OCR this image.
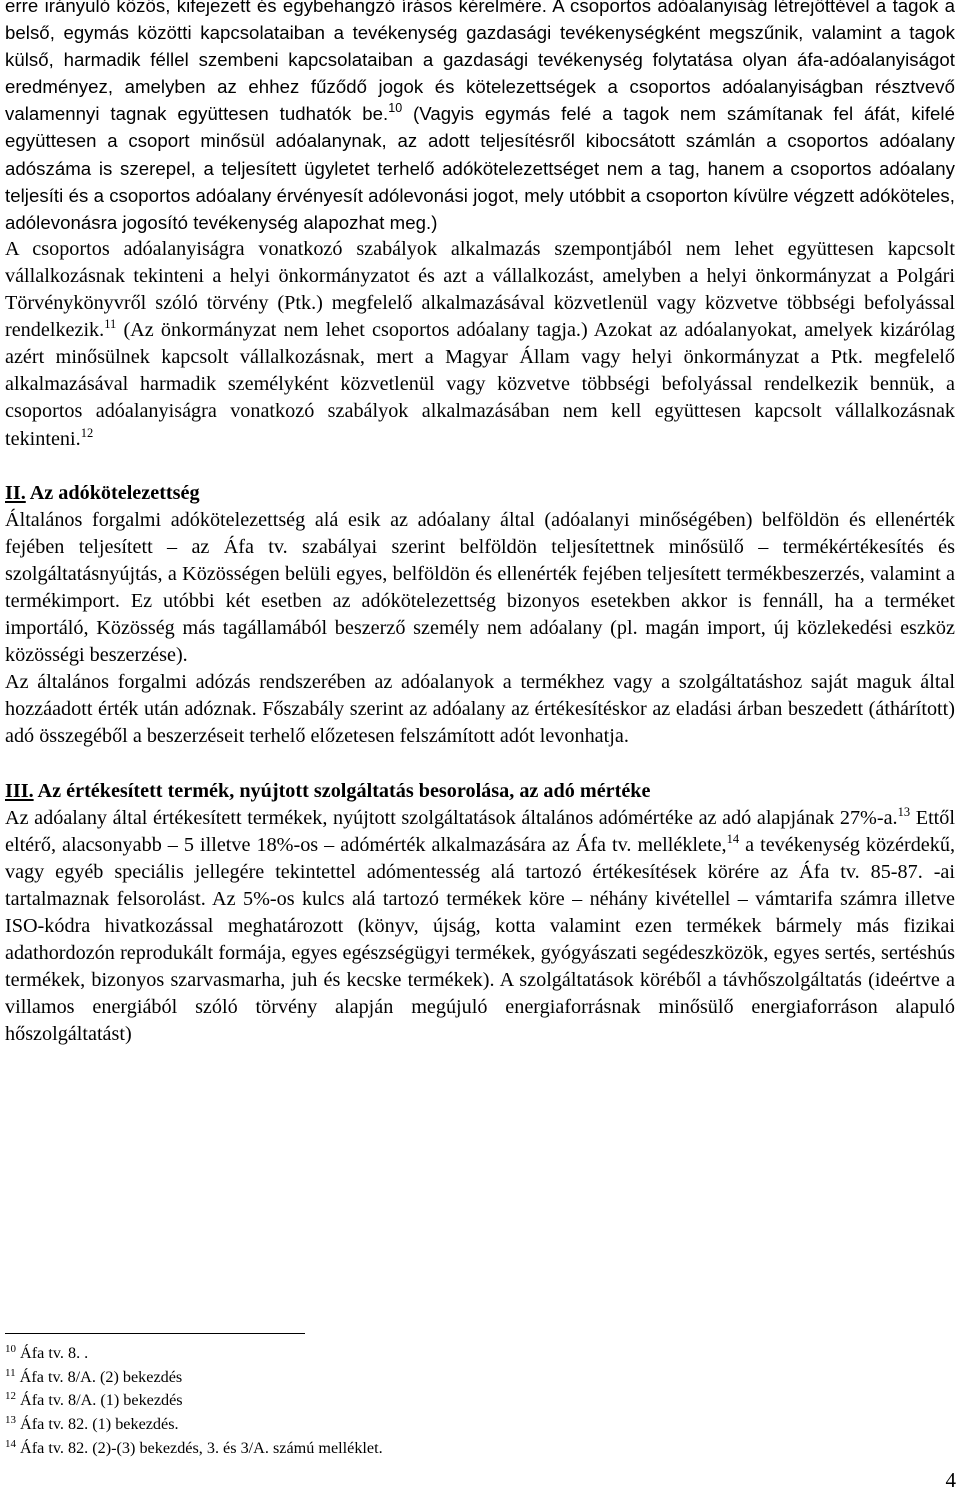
erre irányuló közös, kifejezett és egybehangzó írásos kérelmére. A csoportos adóalanyiság létrejöttével a tagok a belső, egymás közötti kapcsolataiban a tevékenység gazdasági tevékenységként megszűnik, valamint a tagok külső, harmadik féllel szembeni kapcsolataiban a gazdasági tevékenység folytatása olyan áfa-adóalanyiságot eredményez, amelyben az ehhez fűződő jogok és kötelezettségek a csoportos adóalanyiságban résztvevő valamennyi tagnak együttesen tudhatók be.$^{10}$ (Vagyis egymás felé a tagok nem számítanak fel áfát, kifelé együttesen a csoport minősül adóalanynak, az adott teljesítésről kibocsátott számlán a csoportos adóalany adószáma is szerepel, a teljesített ügyletet terhelő adókötelezettséget nem a tag, hanem a csoportos adóalany teljesíti és a csoportos adóalany érvényesít adólevonási jogot, mely utóbbit a csoporton kívülre végzett adóköteles, adólevonásra jogosító tevékenység alapozhat meg.)

A csoportos adóalanyiságra vonatkozó szabályok alkalmazás szempontjából nem lehet együttesen kapcsolt vállalkozásnak tekinteni a helyi önkormányzatot és azt a vállalkozást, amelyben a helyi önkormányzat a Polgári Törvénykönyvről szóló törvény (Ptk.) megfelelő alkalmazásával közvetlenül vagy közvetve többségi befolyással rendelkezik.$^{11}$ (Az önkormányzat nem lehet csoportos adóalany tagja.) Azokat az adóalanyokat, amelyek kizárólag azért minősülnek kapcsolt vállalkozásnak, mert a Magyar Állam vagy helyi önkormányzat a Ptk. megfelelő alkalmazásával harmadik személyként közvetlenül vagy közvetve többségi befolyással rendelkezik bennük, a csoportos adóalanyiságra vonatkozó szabályok alkalmazásában nem kell együttesen kapcsolt vállalkozásnak tekinteni.$^{12}$

II. Az adókötelezettség

Általános forgalmi adókötelezettség alá esik az adóalany által (adóalanyi minőségében) belföldön és ellenérték fejében teljesített – az Áfa tv. szabályai szerint belföldön teljesítettnek minősülő – termékértékesítés és szolgáltatásnyújtás, a Közösségen belüli egyes, belföldön és ellenérték fejében teljesített termékbeszerzés, valamint a termékimport. Ez utóbbi két esetben az adókötelezettség bizonyos esetekben akkor is fennáll, ha a terméket importáló, Közösség más tagállamából beszerző személy nem adóalany (pl. magán import, új közlekedési eszköz közösségi beszerzése).

Az általános forgalmi adózás rendszerében az adóalanyok a termékhez vagy a szolgáltatáshoz saját maguk által hozzáadott érték után adóznak. Főszabály szerint az adóalany az értékesítéskor az eladási árban beszedett (áthárított) adó összegéből a beszerzéseit terhelő előzetesen felszámított adót levonhatja.

III. Az értékesített termék, nyújtott szolgáltatás besorolása, az adó mértéke

Az adóalany által értékesített termékek, nyújtott szolgáltatások általános adómértéke az adó alapjának 27%-a.$^{13}$ Ettől eltérő, alacsonyabb – 5 illetve 18%-os – adómérték alkalmazására az Áfa tv. melléklete,$^{14}$ a tevékenység közérdekű, vagy egyéb speciális jellegére tekintettel adómentesség alá tartozó értékesítések körére az Áfa tv. 85-87. -ai tartalmaznak felsorolást. Az 5%-os kulcs alá tartozó termékek köre – néhány kivétellel – vámtarifa számra illetve ISO-kódra hivatkozással meghatározott (könyv, újság, kotta valamint ezen termékek bármely más fizikai adathordozón reprodukált formája, egyes egészségügyi termékek, gyógyászati segédeszközök, egyes sertés, sertéshús termékek, bizonyos szarvasmarha, juh és kecske termékek). A szolgáltatások köréből a távhőszolgáltatás (ideértve a villamos energiából szóló törvény alapján megújuló energiaforrásnak minősülő energiaforráson alapuló hőszolgáltatást)

$^{10}$ Áfa tv. 8. .

$^{11}$ Áfa tv. 8/A. (2) bekezdés

$^{12}$ Áfa tv. 8/A. (1) bekezdés

$^{13}$ Áfa tv. 82. (1) bekezdés.

$^{14}$ Áfa tv. 82. (2)-(3) bekezdés, 3. és 3/A. számú melléklet.

4
